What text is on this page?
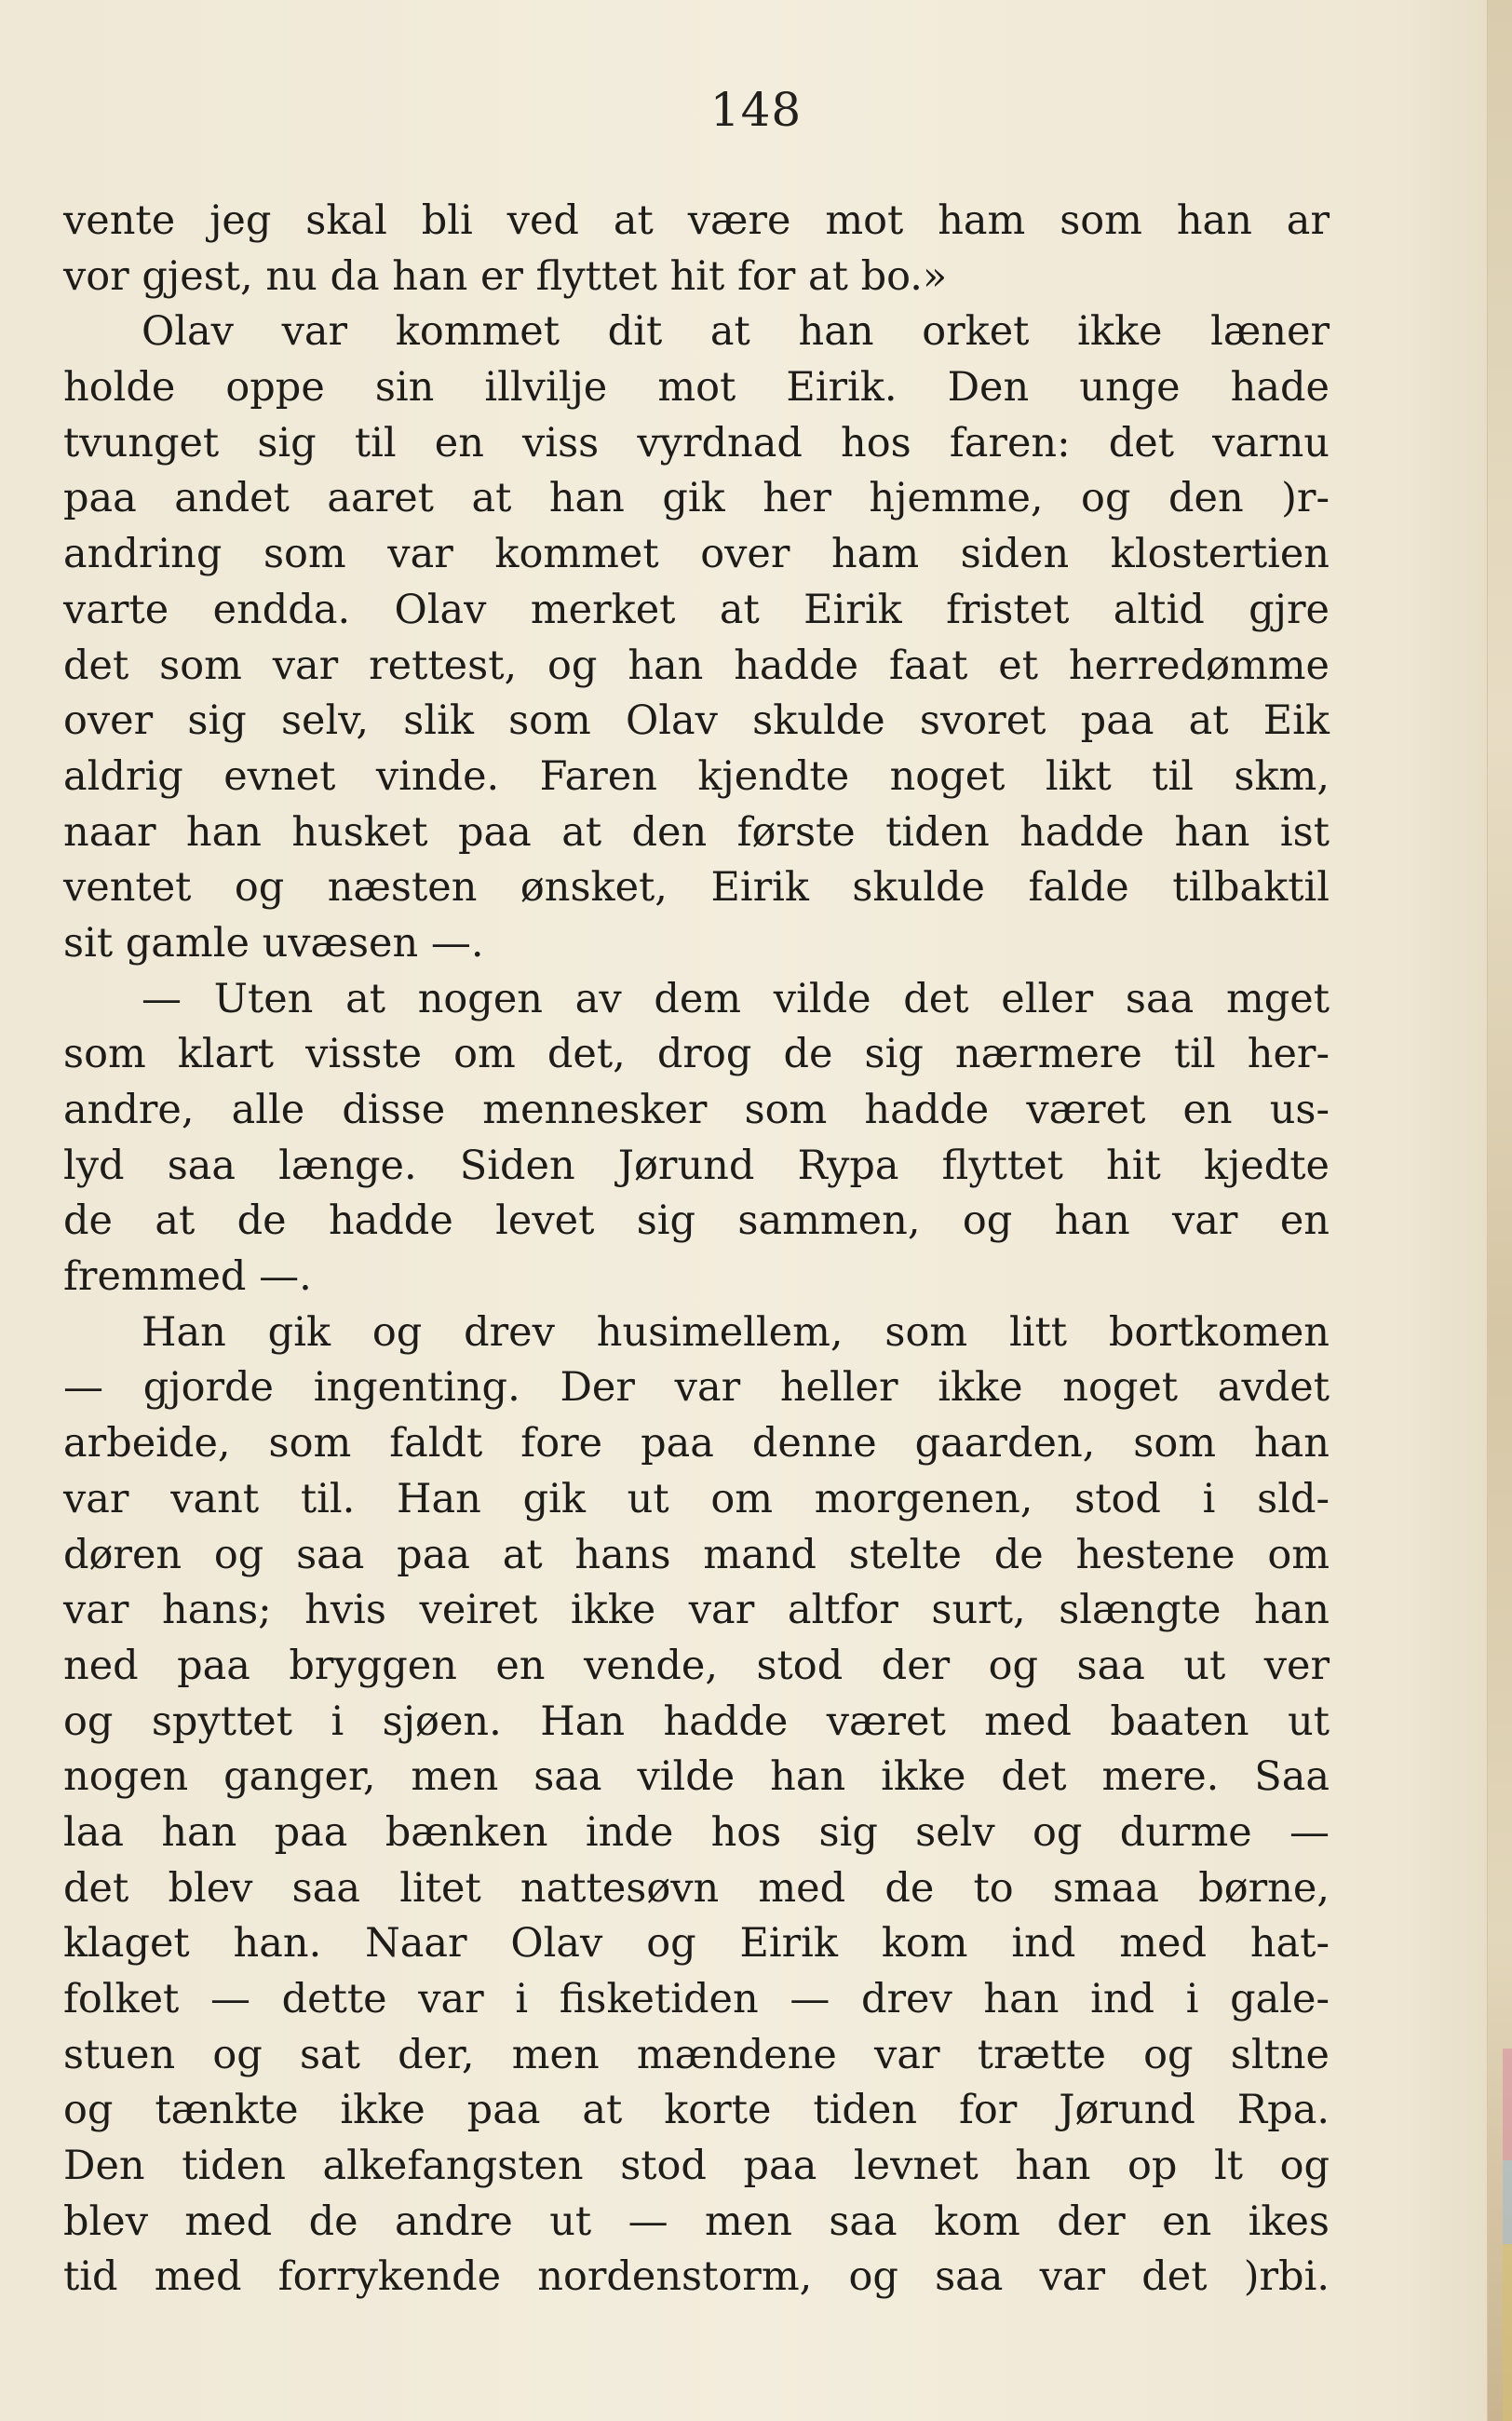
148
vente jeg skal bli ved at være mot ham som han ar
vor gjest, nu da han er flyttet hit for at bo.»
Olav var kommet dit at han orket ikke læner
holde oppe sin illvilje mot Eirik. Den unge hade
tvunget sig til en viss vyrdnad hos faren: det varnu
paa andet aaret at han gik her hjemme, og den )r-
andring som var kommet over ham siden klostertien
varte endda. Olav merket at Eirik fristet altid gjre
det som var rettest, og han hadde faat et herredømme
over sig selv, slik som Olav skulde svoret paa at Eik
aldrig evnet vinde. Faren kjendte noget likt til skm,
naar han husket paa at den første tiden hadde han ist
ventet og næsten ønsket, Eirik skulde falde tilbaktil
sit gamle uvæsen —.
— Uten at nogen av dem vilde det eller saa mget
som klart visste om det, drog de sig nærmere til her-
andre, alle disse mennesker som hadde været en us-
lyd saa længe. Siden Jørund Rypa flyttet hit kjedte
de at de hadde levet sig sammen, og han var en
fremmed —.
Han gik og drev husimellem, som litt bortkomen
— gjorde ingenting. Der var heller ikke noget avdet
arbeide, som faldt fore paa denne gaarden, som han
var vant til. Han gik ut om morgenen, stod i sld-
døren og saa paa at hans mand stelte de hestene om
var hans; hvis veiret ikke var altfor surt, slængte han
ned paa bryggen en vende, stod der og saa ut ver
og spyttet i sjøen. Han hadde været med baaten ut
nogen ganger, men saa vilde han ikke det mere. Saa
laa han paa bænken inde hos sig selv og durme —
det blev saa litet nattesøvn med de to smaa børne,
klaget han. Naar Olav og Eirik kom ind med hat-
folket — dette var i fisketiden — drev han ind i gale-
stuen og sat der, men mændene var trætte og sltne
og tænkte ikke paa at korte tiden for Jørund Rpa.
Den tiden alkefangsten stod paa levnet han op lt og
blev med de andre ut — men saa kom der en ikes
tid med forrykende nordenstorm, og saa var det )rbi.
